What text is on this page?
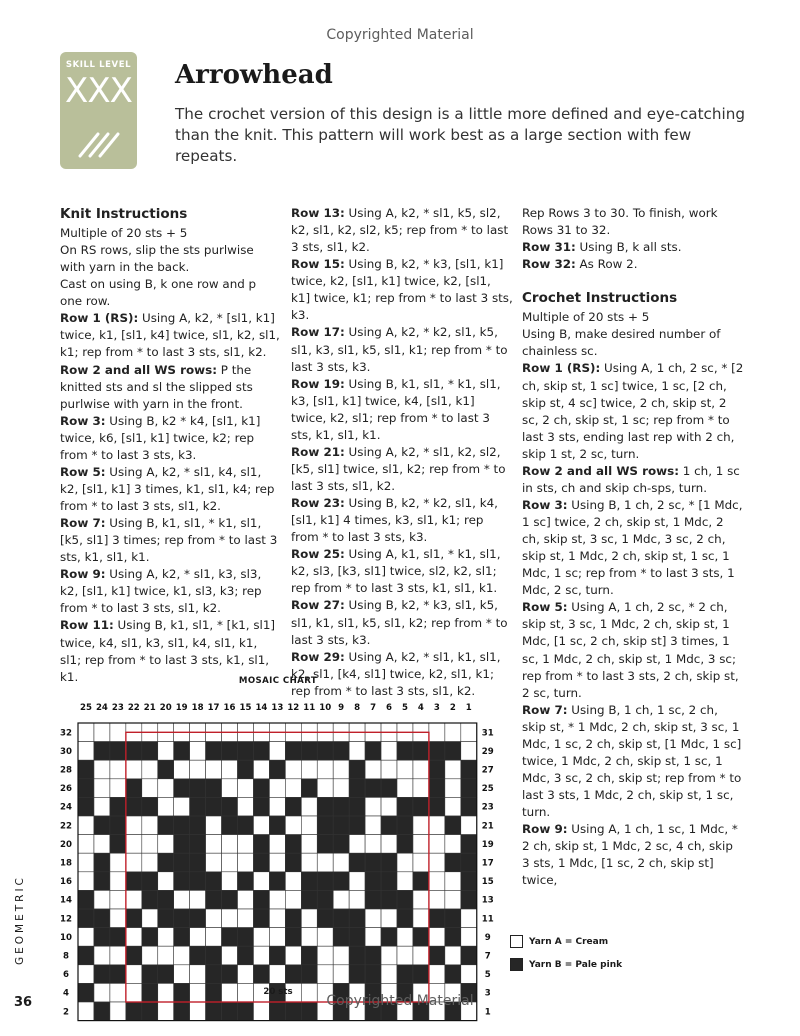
Copyrighted Material
SKILL LEVEL
XXX Arrowhead
The crochet version of this design is a little more defined and eye-catching than the knit. This pattern will work best as a large section with few repeats.

Knit Instructions

Multiple of 20 sts + 5

On RS rows, slip the sts purlwise with yarn in the back.

Cast on using B, k one row and p one row.

Row 1 (RS): Using A, k2, * [sl1, k1] twice, k1, [sl1, k4] twice, sl1, k2, sl1, k1; rep from * to last 3 sts, sl1, k2.

Row 2 and all WS rows: P the knitted sts and sl the slipped sts purlwise with yarn in the front.

Row 3: Using B, k2 * k4, [sl1, k1] twice, k6, [sl1, k1] twice, k2; rep from * to last 3 sts, k3.

Row 5: Using A, k2, * sl1, k4, sl1, k2, [sl1, k1] 3 times, k1, sl1, k4; rep from * to last 3 sts, sl1, k2.

Row 7: Using B, k1, sl1, * k1, sl1, [k5, sl1] 3 times; rep from * to last 3 sts, k1, sl1, k1.

Row 9: Using A, k2, * sl1, k3, sl3, k2, [sl1, k1] twice, k1, sl3, k3; rep from * to last 3 sts, sl1, k2.

Row 11: Using B, k1, sl1, * [k1, sl1] twice, k4, sl1, k3, sl1, k4, sl1, k1, sl1; rep from * to last 3 sts, k1, sl1, k1.

Row 13: Using A, k2, * sl1, k5, sl2, k2, sl1, k2, sl2, k5; rep from * to last 3 sts, sl1, k2.

Row 15: Using B, k2, * k3, [sl1, k1] twice, k2, [sl1, k1] twice, k2, [sl1, k1] twice, k1; rep from * to last 3 sts, k3.

Row 17: Using A, k2, * k2, sl1, k5, sl1, k3, sl1, k5, sl1, k1; rep from * to last 3 sts, k3.

Row 19: Using B, k1, sl1, * k1, sl1, k3, [sl1, k1] twice, k4, [sl1, k1] twice, k2, sl1; rep from * to last 3 sts, k1, sl1, k1.

Row 21: Using A, k2, * sl1, k2, sl2, [k5, sl1] twice, sl1, k2; rep from * to last 3 sts, sl1, k2.

Row 23: Using B, k2, * k2, sl1, k4, [sl1, k1] 4 times, k3, sl1, k1; rep from * to last 3 sts, k3.

Row 25: Using A, k1, sl1, * k1, sl1, k2, sl3, [k3, sl1] twice, sl2, k2, sl1; rep from * to last 3 sts, k1, sl1, k1.

Row 27: Using B, k2, * k3, sl1, k5, sl1, k1, sl1, k5, sl1, k2; rep from * to last 3 sts, k3.

Row 29: Using A, k2, * sl1, k1, sl1, k2, sl1, [k4, sl1] twice, k2, sl1, k1; rep from * to last 3 sts, sl1, k2.

Rep Rows 3 to 30. To finish, work Rows 31 to 32.

Row 31: Using B, k all sts.

Row 32: As Row 2.

Crochet Instructions

Multiple of 20 sts + 5

Using B, make desired number of chainless sc.

Row 1 (RS): Using A, 1 ch, 2 sc, * [2 ch, skip st, 1 sc] twice, 1 sc, [2 ch, skip st, 4 sc] twice, 2 ch, skip st, 2 sc, 2 ch, skip st, 1 sc; rep from * to last 3 sts, ending last rep with 2 ch, skip 1 st, 2 sc, turn.

Row 2 and all WS rows: 1 ch, 1 sc in sts, ch and skip ch-sps, turn.

Row 3: Using B, 1 ch, 2 sc, * [1 Mdc, 1 sc] twice, 2 ch, skip st, 1 Mdc, 2 ch, skip st, 3 sc, 1 Mdc, 3 sc, 2 ch, skip st, 1 Mdc, 2 ch, skip st, 1 sc, 1 Mdc, 1 sc; rep from * to last 3 sts, 1 Mdc, 2 sc, turn.

Row 5: Using A, 1 ch, 2 sc, * 2 ch, skip st, 3 sc, 1 Mdc, 2 ch, skip st, 1 Mdc, [1 sc, 2 ch, skip st] 3 times, 1 sc, 1 Mdc, 2 ch, skip st, 1 Mdc, 3 sc; rep from * to last 3 sts, 2 ch, skip st, 2 sc, turn.

Row 7: Using B, 1 ch, 1 sc, 2 ch, skip st, * 1 Mdc, 2 ch, skip st, 3 sc, 1 Mdc, 1 sc, 2 ch, skip st, [1 Mdc, 1 sc] twice, 1 Mdc, 2 ch, skip st, 1 sc, 1 Mdc, 3 sc, 2 ch, skip st; rep from * to last 3 sts, 1 Mdc, 2 ch, skip st, 1 sc, turn.

Row 9: Using A, 1 ch, 1 sc, 1 Mdc, * 2 ch, skip st, 1 Mdc, 2 sc, 4 ch, skip 3 sts, 1 Mdc, [1 sc, 2 ch, skip st] twice,

MOSAIC CHART
25 24 23 22 21 20 19 18 17 16 15 14 13 12 11 10 9 8 7 6 5 4 3 2 1
32	31
30	29
28	27
26	25
24	23
22	21
20	19
18	17
16	15
14	13
12	11
10	9
8	7
6	5
4	3
2	1
20 sts
Yarn A = Cream
Yarn B = Pale pink
GEOMETRIC
36	Copyrighted Material
